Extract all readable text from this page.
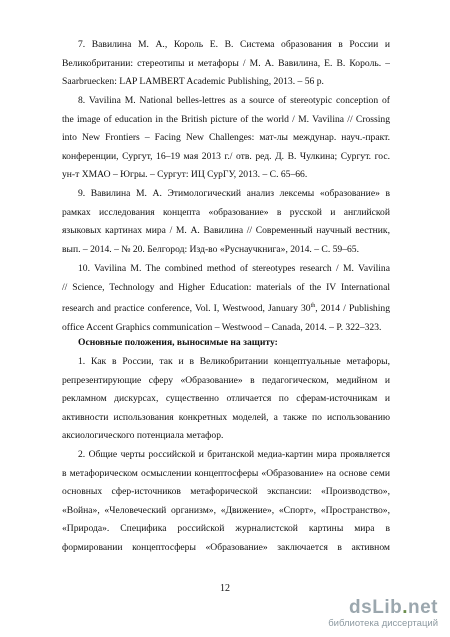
7. Вавилина М. А., Король Е. В. Система образования в России и
Великобритании: стереотипы и метафоры / М. А. Вавилина, Е. В. Король. –
Saarbruecken: LAP LAMBERT Academic Publishing, 2013. – 56 p.
8. Vavilina M. National belles-lettres as a source of stereotypic conception of
the image of education in the British picture of the world / M. Vavilina // Crossing
into New Frontiers – Facing New Challenges: мат-лы междунар. науч.-практ.
конференции, Сургут, 16–19 мая 2013 г./ отв. ред. Д. В. Чулкина; Сургут. гос.
ун-т ХМАО – Югры. – Сургут: ИЦ СурГУ, 2013. – С. 65–66.
9. Вавилина М. А. Этимологический анализ лексемы «образование» в
рамках исследования концепта «образование» в русской и английской
языковых картинах мира / М. А. Вавилина // Современный научный вестник,
вып. – 2014. – № 20. Белгород: Изд-во «Руснаучкнига», 2014. – С. 59–65.
10. Vavilina M. The combined method of stereotypes research / M. Vavilina
// Science, Technology and Higher Education: materials of the IV International
research and practice conference, Vol. I, Westwood, January 30th, 2014 / Publishing
office Accent Graphics communication – Westwood – Canada, 2014. – P. 322–323.
Основные положения, выносимые на защиту:
1. Как в России, так и в Великобритании концептуальные метафоры,
репрезентирующие сферу «Образование» в педагогическом, медийном и
рекламном дискурсах, существенно отличается по сферам-источникам и
активности использования конкретных моделей, а также по использованию
аксиологического потенциала метафор.
2. Общие черты российской и британской медиа-картин мира проявляется
в метафорическом осмыслении концептосферы «Образование» на основе семи
основных сфер-источников метафорической экспансии: «Производство»,
«Война», «Человеческий организм», «Движение», «Спорт», «Пространство»,
«Природа». Специфика российской журналистской картины мира в
формировании концептосферы «Образование» заключается в активном
12
dsLib.net
библиотека диссертаций
